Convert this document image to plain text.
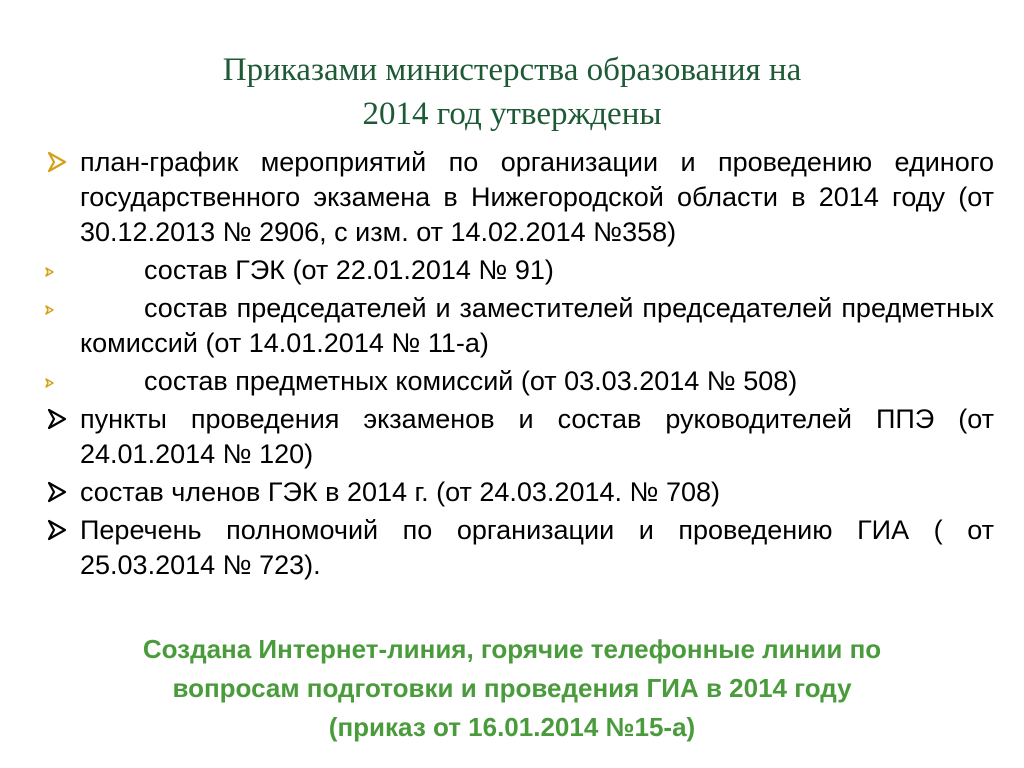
Приказами министерства образования на
2014 год утверждены
план-график мероприятий по организации и проведению единого государственного экзамена в Нижегородской области в 2014 году (от 30.12.2013 № 2906, с изм. от 14.02.2014 №358)
состав ГЭК (от 22.01.2014 № 91)
состав председателей и заместителей председателей предметных комиссий (от 14.01.2014 № 11-а)
состав предметных комиссий (от 03.03.2014 № 508)
пункты проведения экзаменов и состав руководителей ППЭ (от 24.01.2014 № 120)
состав членов ГЭК в 2014 г. (от 24.03.2014. № 708)
Перечень полномочий по организации и проведению ГИА ( от 25.03.2014 № 723).
Создана Интернет-линия, горячие телефонные линии по
вопросам подготовки и проведения ГИА в 2014 году
(приказ от 16.01.2014 №15-а)
